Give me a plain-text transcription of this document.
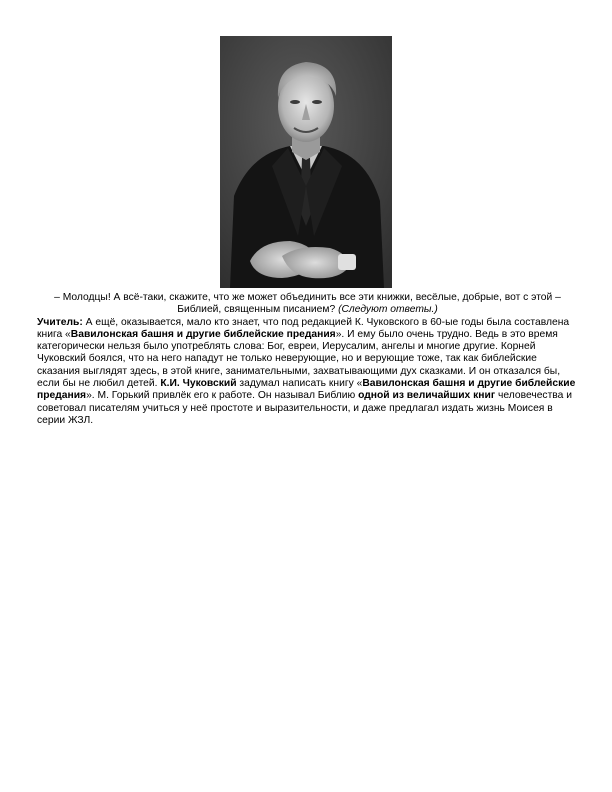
– Молодцы! А всё-таки, скажите, что же может объединить все эти книжки, весёлые, добрые, вот с этой – Библией, священным писанием? (Следуют ответы.)

Учитель: А ещё, оказывается, мало кто знает, что под редакцией К. Чуковского в 60-ые годы была составлена книга «Вавилонская башня и другие библейские предания». И ему было очень трудно. Ведь в это время категорически нельзя было употреблять слова: Бог, евреи, Иерусалим, ангелы и многие другие. Корней Чуковский боялся, что на него нападут не только неверующие, но и верующие тоже, так как библейские сказания выглядят здесь, в этой книге, занимательными, захватывающими дух сказками. И он отказался бы, если бы не любил детей. К.И. Чуковский задумал написать книгу «Вавилонская башня и другие библейские предания». М. Горький привлёк его к работе. Он называл Библию одной из величайших книг человечества и советовал писателям учиться у неё простоте и выразительности, и даже предлагал издать жизнь Моисея в серии ЖЗЛ.
